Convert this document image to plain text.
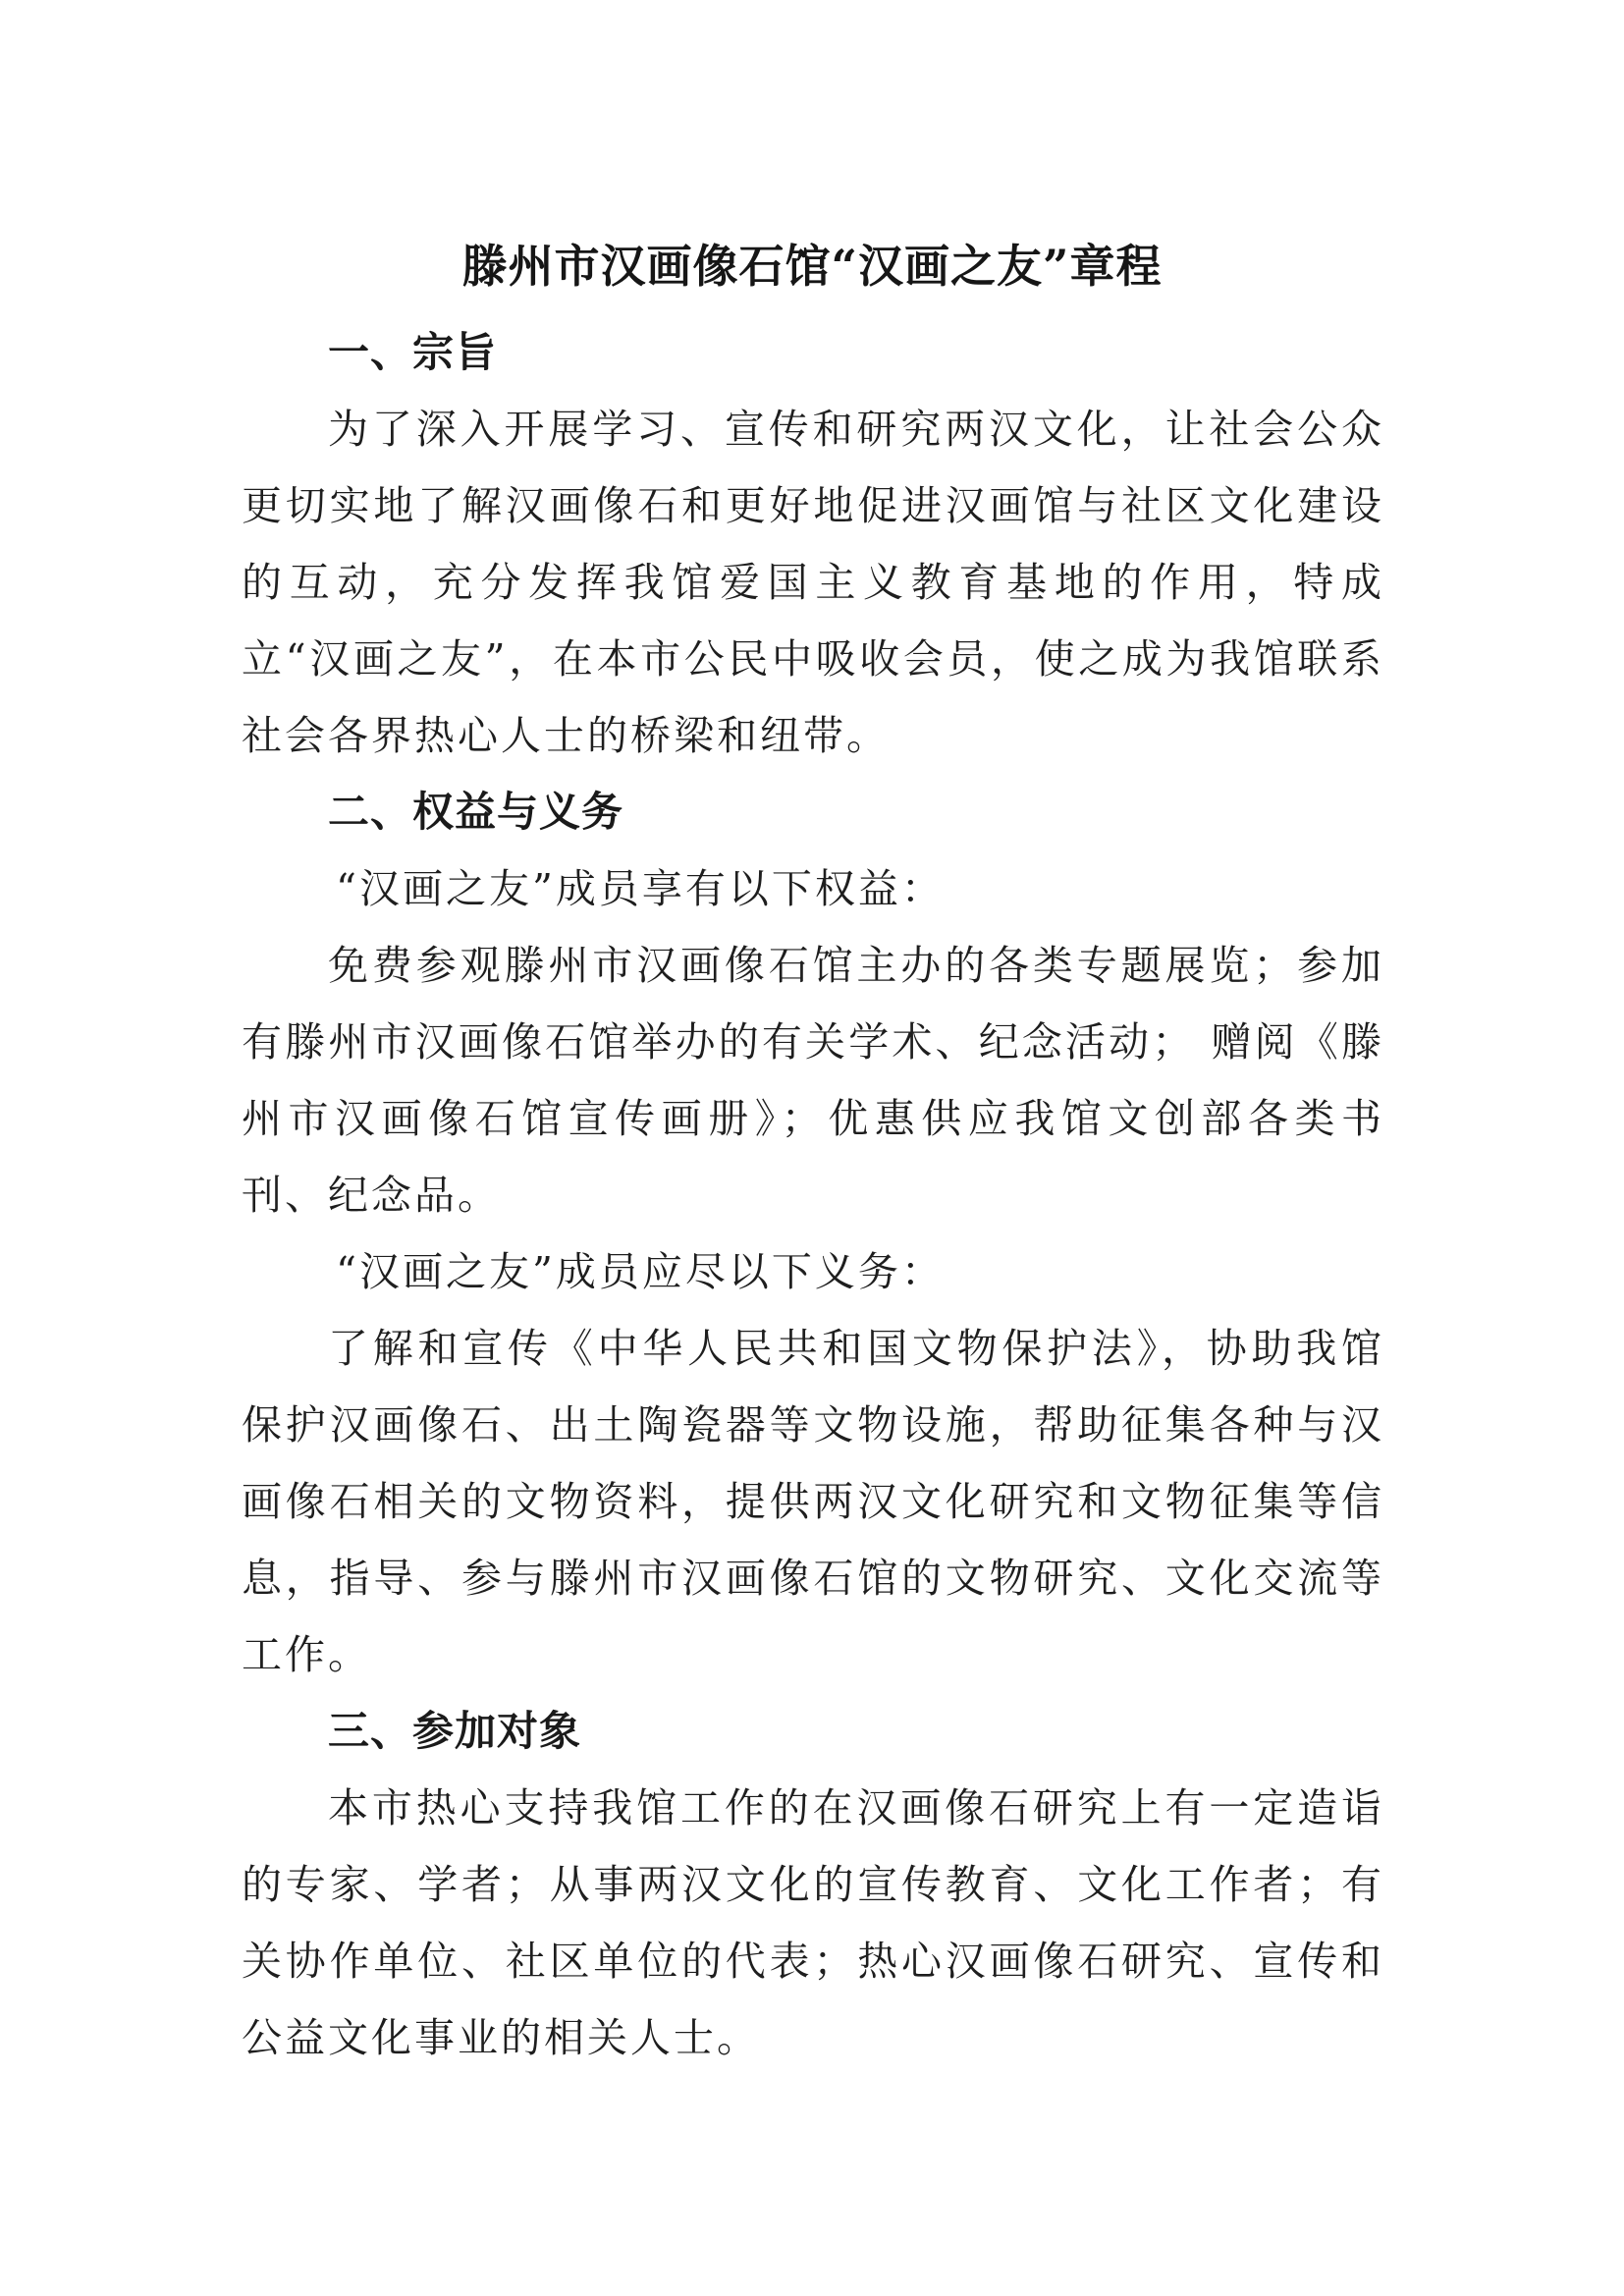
滕州市汉画像石馆“汉画之友”章程
一、宗旨

为了深入开展学习、宣传和研究两汉文化，让社会公众更切实地了解汉画像石和更好地促进汉画馆与社区文化建设的互动，充分发挥我馆爱国主义教育基地的作用，特成立“汉画之友”，在本市公民中吸收会员，使之成为我馆联系社会各界热心人士的桥梁和纽带。

二、权益与义务

“汉画之友”成员享有以下权益：

免费参观滕州市汉画像石馆主办的各类专题展览；参加有滕州市汉画像石馆举办的有关学术、纪念活动； 赠阅《滕州市汉画像石馆宣传画册》；优惠供应我馆文创部各类书刊、纪念品。

“汉画之友”成员应尽以下义务：

了解和宣传《中华人民共和国文物保护法》，协助我馆保护汉画像石、出土陶瓷器等文物设施，帮助征集各种与汉画像石相关的文物资料，提供两汉文化研究和文物征集等信息，指导、参与滕州市汉画像石馆的文物研究、文化交流等工作。

三、参加对象

本市热心支持我馆工作的在汉画像石研究上有一定造诣的专家、学者；从事两汉文化的宣传教育、文化工作者；有关协作单位、社区单位的代表；热心汉画像石研究、宣传和公益文化事业的相关人士。
